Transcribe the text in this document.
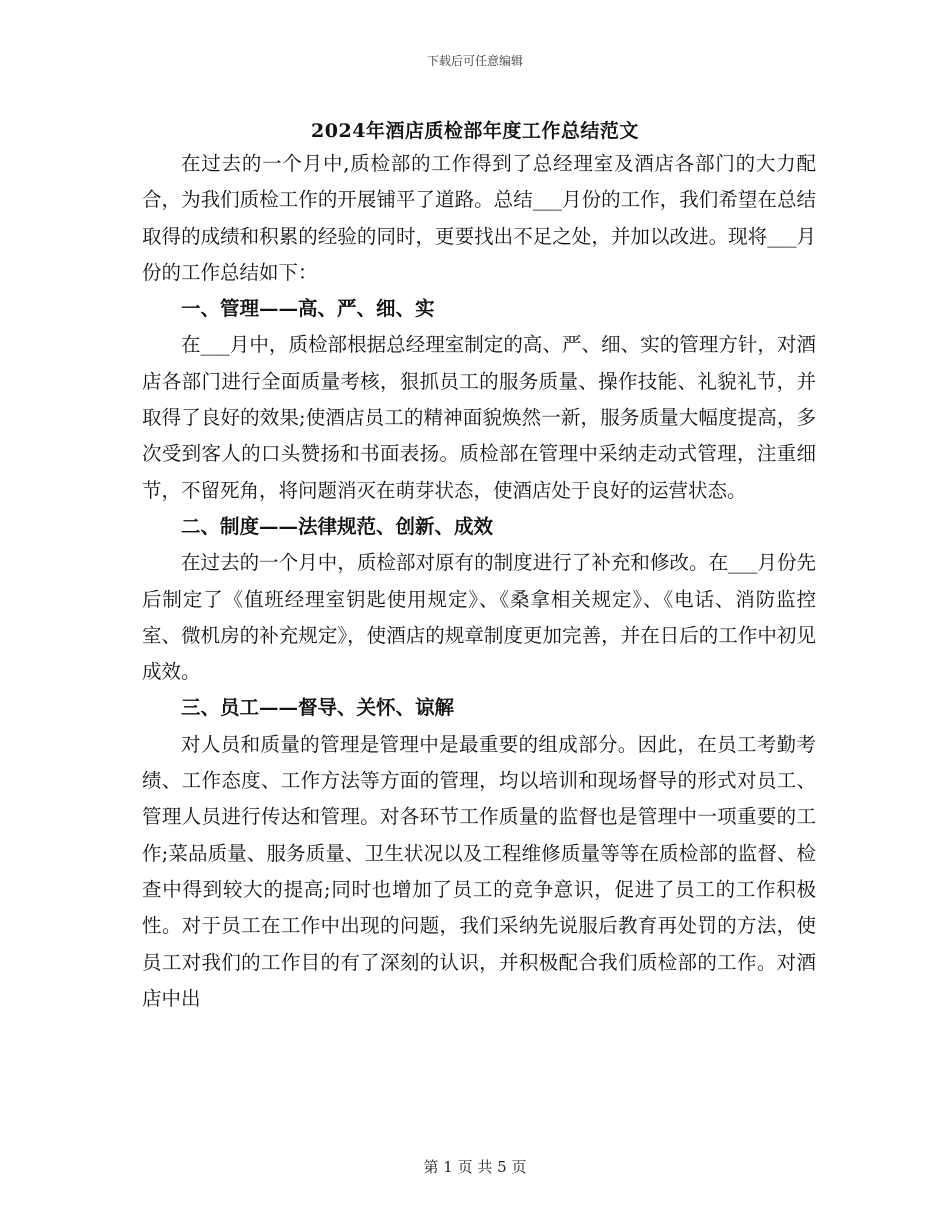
下载后可任意编辑
2024年酒店质检部年度工作总结范文

在过去的一个月中,质检部的工作得到了总经理室及酒店各部门的大力配合，为我们质检工作的开展铺平了道路。总结___月份的工作，我们希望在总结取得的成绩和积累的经验的同时，更要找出不足之处，并加以改进。现将___月份的工作总结如下：

一、管理——高、严、细、实

在___月中，质检部根据总经理室制定的高、严、细、实的管理方针，对酒店各部门进行全面质量考核，狠抓员工的服务质量、操作技能、礼貌礼节，并取得了良好的效果;使酒店员工的精神面貌焕然一新，服务质量大幅度提高，多次受到客人的口头赞扬和书面表扬。质检部在管理中采纳走动式管理，注重细节，不留死角，将问题消灭在萌芽状态，使酒店处于良好的运营状态。

二、制度——法律规范、创新、成效

在过去的一个月中，质检部对原有的制度进行了补充和修改。在___月份先后制定了《值班经理室钥匙使用规定》、《桑拿相关规定》、《电话、消防监控室、微机房的补充规定》，使酒店的规章制度更加完善，并在日后的工作中初见成效。

三、员工——督导、关怀、谅解

对人员和质量的管理是管理中是最重要的组成部分。因此，在员工考勤考绩、工作态度、工作方法等方面的管理，均以培训和现场督导的形式对员工、管理人员进行传达和管理。对各环节工作质量的监督也是管理中一项重要的工作;菜品质量、服务质量、卫生状况以及工程维修质量等等在质检部的监督、检查中得到较大的提高;同时也增加了员工的竞争意识，促进了员工的工作积极性。对于员工在工作中出现的问题，我们采纳先说服后教育再处罚的方法，使员工对我们的工作目的有了深刻的认识，并积极配合我们质检部的工作。对酒店中出

第 1 页 共 5 页
